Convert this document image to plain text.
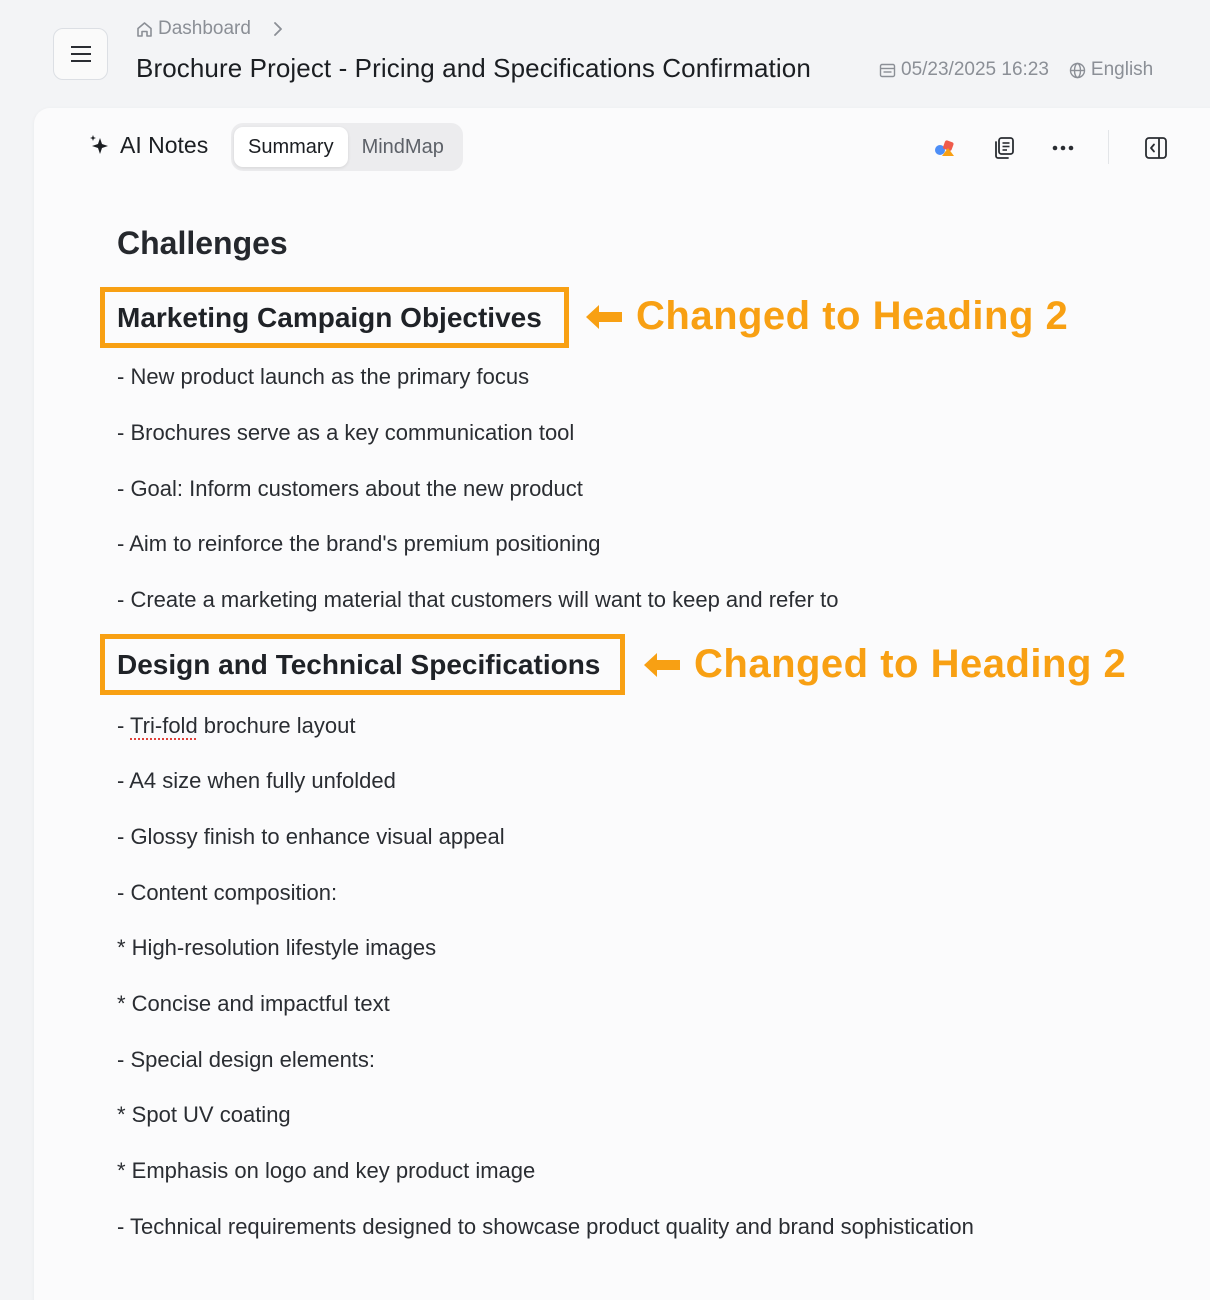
Dashboard
Brochure Project - Pricing and Specifications Confirmation	05/23/2025 16:23 English
AI Notes	Summary	MindMap
Challenges
Marketing Campaign Objectives Changed to Heading 2
- New product launch as the primary focus
- Brochures serve as a key communication tool
- Goal: Inform customers about the new product
- Aim to reinforce the brand's premium positioning
- Create a marketing material that customers will want to keep and refer to
Design and Technical Specifications Changed to Heading 2
- Tri-fold brochure layout
- A4 size when fully unfolded
- Glossy finish to enhance visual appeal
- Content composition:
* High-resolution lifestyle images
* Concise and impactful text
- Special design elements:
* Spot UV coating
* Emphasis on logo and key product image
- Technical requirements designed to showcase product quality and brand sophistication
